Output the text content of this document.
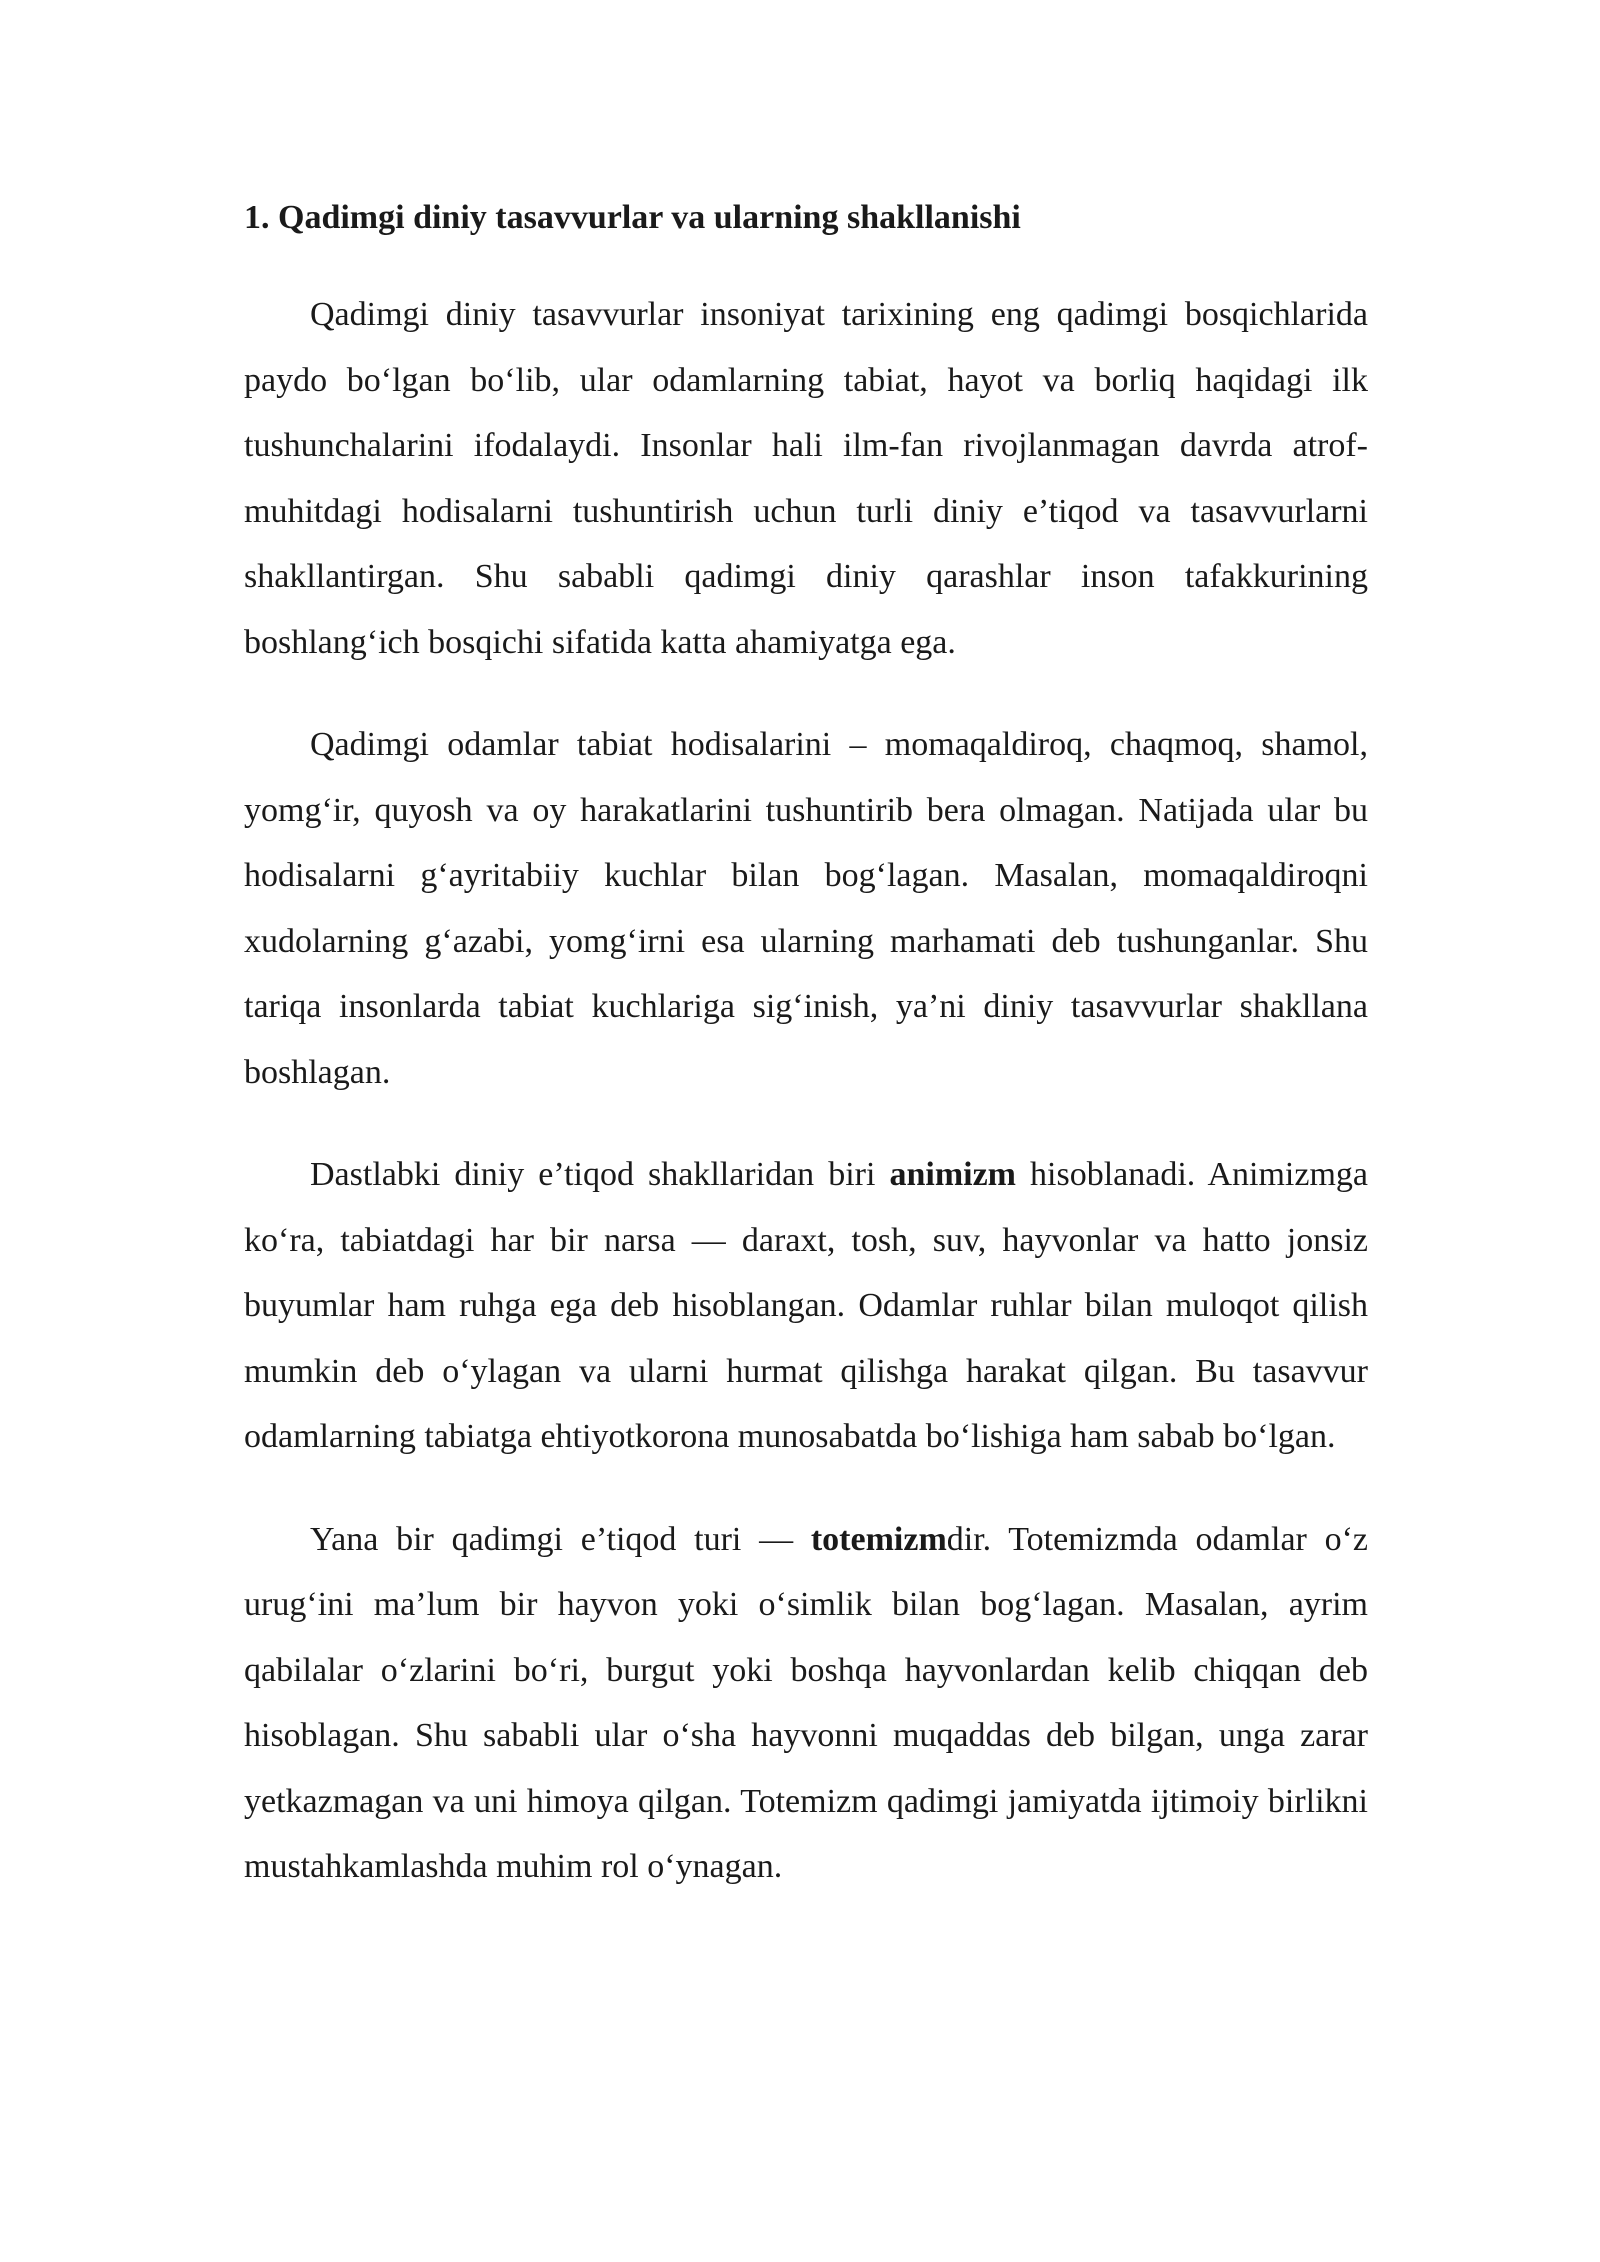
1. Qadimgi diniy tasavvurlar va ularning shakllanishi

Qadimgi diniy tasavvurlar insoniyat tarixining eng qadimgi bosqichlarida paydo bo‘lgan bo‘lib, ular odamlarning tabiat, hayot va borliq haqidagi ilk tushunchalarini ifodalaydi. Insonlar hali ilm-fan rivojlanmagan davrda atrof-muhitdagi hodisalarni tushuntirish uchun turli diniy e’tiqod va tasavvurlarni shakllantirgan. Shu sababli qadimgi diniy qarashlar inson tafakkurining boshlang‘ich bosqichi sifatida katta ahamiyatga ega.

Qadimgi odamlar tabiat hodisalarini – momaqaldiroq, chaqmoq, shamol, yomg‘ir, quyosh va oy harakatlarini tushuntirib bera olmagan. Natijada ular bu hodisalarni g‘ayritabiiy kuchlar bilan bog‘lagan. Masalan, momaqaldiroqni xudolarning g‘azabi, yomg‘irni esa ularning marhamati deb tushunganlar. Shu tariqa insonlarda tabiat kuchlariga sig‘inish, ya’ni diniy tasavvurlar shakllana boshlagan.

Dastlabki diniy e’tiqod shakllaridan biri animizm hisoblanadi. Animizmga ko‘ra, tabiatdagi har bir narsa — daraxt, tosh, suv, hayvonlar va hatto jonsiz buyumlar ham ruhga ega deb hisoblangan. Odamlar ruhlar bilan muloqot qilish mumkin deb o‘ylagan va ularni hurmat qilishga harakat qilgan. Bu tasavvur odamlarning tabiatga ehtiyotkorona munosabatda bo‘lishiga ham sabab bo‘lgan.

Yana bir qadimgi e’tiqod turi — totemizmdir. Totemizmda odamlar o‘z urug‘ini ma’lum bir hayvon yoki o‘simlik bilan bog‘lagan. Masalan, ayrim qabilalar o‘zlarini bo‘ri, burgut yoki boshqa hayvonlardan kelib chiqqan deb hisoblagan. Shu sababli ular o‘sha hayvonni muqaddas deb bilgan, unga zarar yetkazmagan va uni himoya qilgan. Totemizm qadimgi jamiyatda ijtimoiy birlikni mustahkamlashda muhim rol o‘ynagan.
